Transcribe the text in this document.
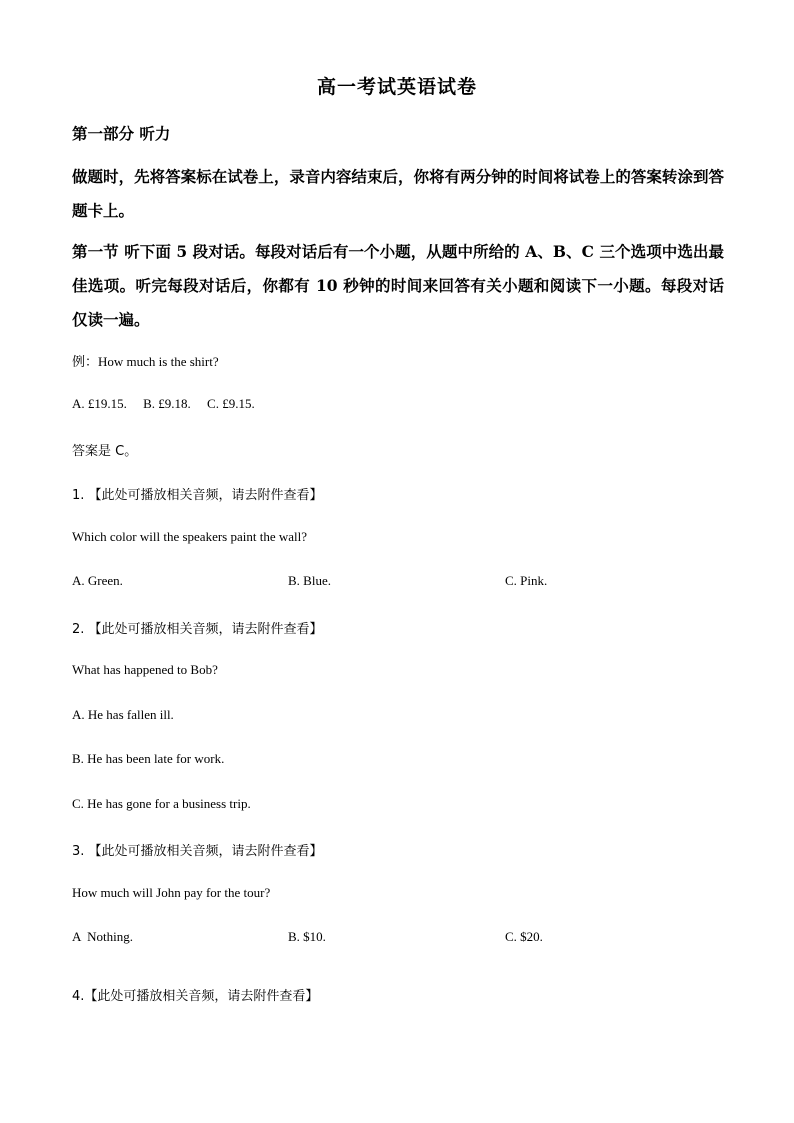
高一考试英语试卷
第一部分 听力
做题时，先将答案标在试卷上，录音内容结束后，你将有两分钟的时间将试卷上的答案转涂到答题卡上。
第一节 听下面 5 段对话。每段对话后有一个小题，从题中所给的 A、B、C 三个选项中选出最佳选项。听完每段对话后，你都有 10 秒钟的时间来回答有关小题和阅读下一小题。每段对话仅读一遍。
例：How much is the shirt?
A. £19.15.     B. £9.18.     C. £9.15.
答案是 C。
1. 【此处可播放相关音频，请去附件查看】
Which color will the speakers paint the wall?
A. Green.	B. Blue.	C. Pink.
2. 【此处可播放相关音频，请去附件查看】
What has happened to Bob?
A. He has fallen ill.
B. He has been late for work.
C. He has gone for a business trip.
3. 【此处可播放相关音频，请去附件查看】
How much will John pay for the tour?
A  Nothing.	B. $10.	C. $20.
4.【此处可播放相关音频，请去附件查看】
